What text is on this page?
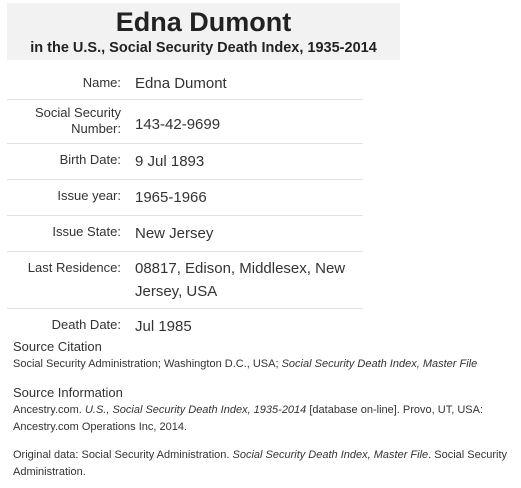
Edna Dumont
in the U.S., Social Security Death Index, 1935-2014
Name:	Edna Dumont
Social Security
Number:	143-42-9699
Birth Date:	9 Jul 1893
Issue year:	1965-1966
Issue State:	New Jersey
Last Residence:	08817, Edison, Middlesex, New
Jersey, USA
Death Date:	Jul 1985
Source Citation
Social Security Administration; Washington D.C., USA; Social Security Death Index, Master File
Source Information
Ancestry.com. U.S., Social Security Death Index, 1935-2014 [database on-line]. Provo, UT, USA:
Ancestry.com Operations Inc, 2014.
Original data: Social Security Administration. Social Security Death Index, Master File. Social Security
Administration.
